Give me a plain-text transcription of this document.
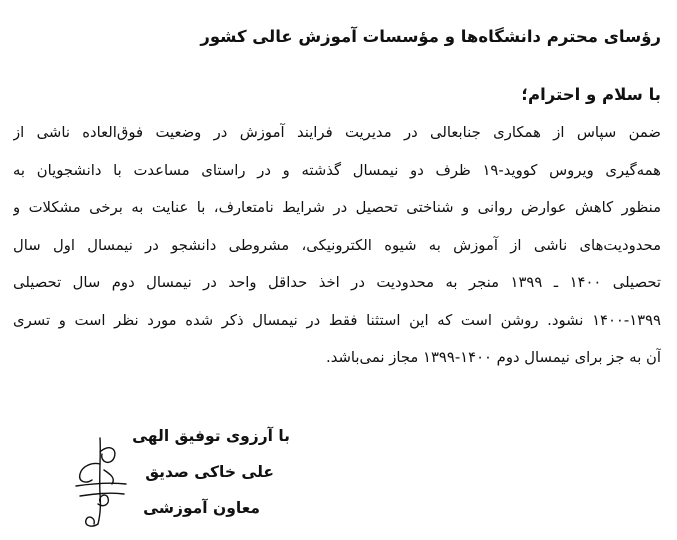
رؤسای محترم دانشگاه‌ها و مؤسسات آموزش عالی کشور
با سلام و احترام؛
ضمن سپاس از همکاری جنابعالی در مدیریت فرایند آموزش در وضعیت فوق‌العاده ناشی از
همه‌گیری ویروس کووید-۱۹ ظرف دو نیمسال گذشته و در راستای مساعدت با دانشجویان به
منظور کاهش عوارض روانی و شناختی تحصیل در شرایط نامتعارف، با عنایت به برخی مشکلات و
محدودیت‌های ناشی از آموزش به شیوه الکترونیکی، مشروطی دانشجو در نیمسال اول سال
تحصیلی ۱۴۰۰ ـ ۱۳۹۹ منجر به محدودیت در اخذ حداقل واحد در نیمسال دوم سال تحصیلی
۱۴۰۰-۱۳۹۹ نشود. روشن است که این استثنا فقط در نیمسال ذکر شده مورد نظر است و تسری
آن به جز برای نیمسال دوم ۱۴۰۰-۱۳۹۹ مجاز نمی‌باشد.
با آرزوی توفیق الهی
علی خاکی صدیق
معاون آموزشی
